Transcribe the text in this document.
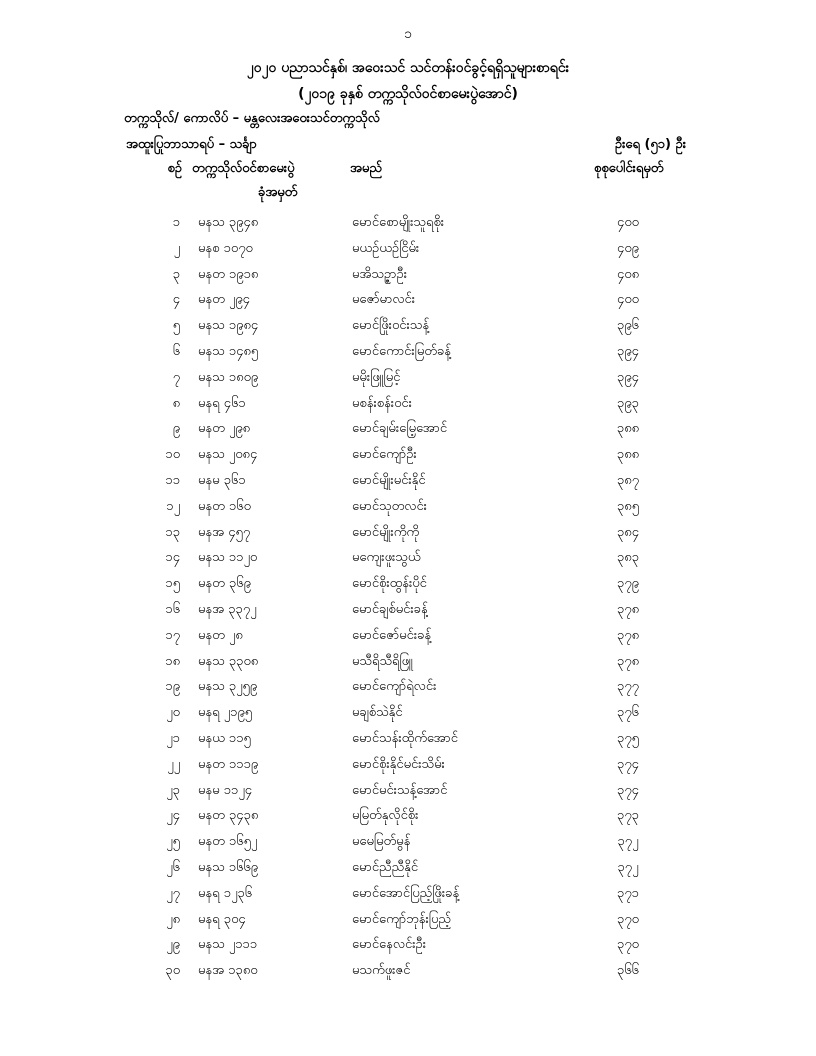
၁
၂၀၂၀ ပညာသင်နှစ်၊ အဝေးသင် သင်တန်းဝင်ခွင့်ရရှိသူများစာရင်း
(၂၀၁၉ ခုနှစ် တက္ကသိုလ်ဝင်စာမေးပွဲအောင်)
တက္ကသိုလ်/ ကောလိပ် – မန္တလေးအဝေးသင်တက္ကသိုလ်
အထူးပြုဘာသာရပ် – သင်္ချာ	ဦးရေ (၅၁) ဦး
စဉ် တက္ကသိုလ်ဝင်စာမေးပွဲ
ခုံအမှတ်
အမည်	စုစုပေါင်းရမှတ်
၁ မနသ ၃၉၄၈	မောင်စောမျိုးသူရစိုး	၄၀၀
၂ မနစ ၁၀၇၀	မယဉ်ယဉ်ငြိမ်း	၄၀၉
၃ မနတ ၁၉၁၈	မအိသဉ္ဇာဦး	၄၀၈
၄ မနတ ၂၉၄	မဇော်မာလင်း	၄၀၀
၅ မနသ ၁၉၈၄	မောင်ဖြိုးဝင်းသန့်	၃၉၆
၆ မနသ ၁၄၈၅	မောင်ကောင်းမြတ်ခန့်	၃၉၄
၇ မနသ ၁၈၀၉	မမိုးဖြူမြင့်	၃၉၄
၈ မနရ ၄၆၁	မစန်းစန်းဝင်း	၃၉၃
၉ မနတ ၂၉၈	မောင်ချမ်းမြေ့အောင်	၃၈၈
၁၀ မနသ ၂၀၈၄	မောင်ကျော်ဦး	၃၈၈
၁၁ မနမ ၃၆၁	မောင်မျိုးမင်းနိုင်	၃၈၇
၁၂ မနတ ၁၆၀	မောင်သုတလင်း	၃၈၅
၁၃ မနအ ၄၅၇	မောင်မျိုးကိုကို	၃၈၄
၁၄ မနသ ၁၁၂၀	မကျေးဖူးသွယ်	၃၈၃
၁၅ မနတ ၃၆၉	မောင်စိုးထွန်းပိုင်	၃၇၉
၁၆ မနအ ၃၃၇၂	မောင်ချစ်မင်းခန့်	၃၇၈
၁၇ မနတ ၂၈	မောင်ဇော်မင်းခန့်	၃၇၈
၁၈ မနသ ၃၃၀၈	မသီရိသီရိဖြူ	၃၇၈
၁၉ မနသ ၃၂၅၉	မောင်ကျော်ရဲလင်း	၃၇၇
၂၀ မနရ ၂၁၉၅	မချစ်သဲနိုင်	၃၇၆
၂၁ မနယ ၁၁၅	မောင်သန်းထိုက်အောင်	၃၇၅
၂၂ မနတ ၁၁၁၉	မောင်စိုးနိုင်မင်းသိမ်း	၃၇၄
၂၃ မနမ ၁၁၂၄	မောင်မင်းသန့်အောင်	၃၇၄
၂၄ မနတ ၃၄၃၈	မမြတ်နုလိုင်စိုး	၃၇၃
၂၅ မနတ ၁၆၅၂	မမေမြတ်မွန်	၃၇၂
၂၆ မနသ ၁၆၆၉	မောင်ညီညီနိုင်	၃၇၂
၂၇ မနရ ၁၂၃၆	မောင်အောင်ပြည့်ဖြိုးခန့်	၃၇၁
၂၈ မနရ ၃၀၄	မောင်ကျော်ဘုန်းပြည့်	၃၇၀
၂၉ မနသ ၂၁၁၁	မောင်နေလင်းဦး	၃၇၀
၃၀ မနအ ၁၃၈၀	မသက်ဖူးဇင်	၃၆၆
